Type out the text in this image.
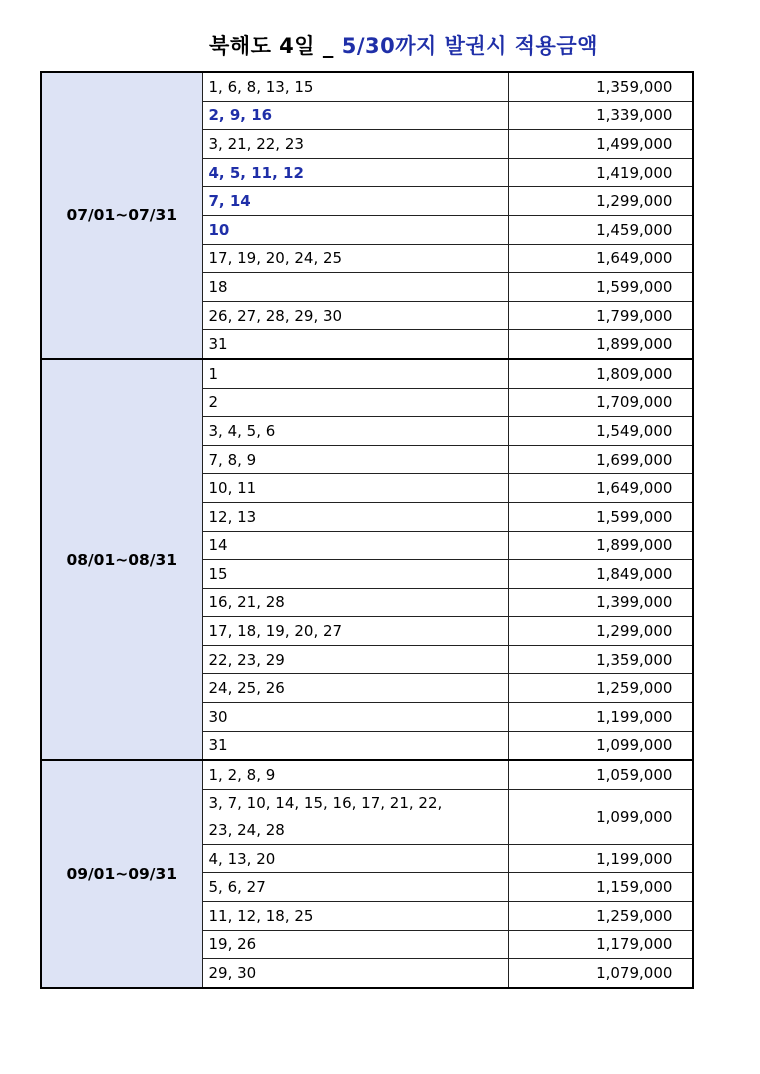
북해도 4일 _ 5/30까지 발권시 적용금액
07/01~07/31	1, 6, 8, 13, 15	1,359,000
	2, 9, 16	1,339,000
	3, 21, 22, 23	1,499,000
	4, 5, 11, 12	1,419,000
	7, 14	1,299,000
	10	1,459,000
	17, 19, 20, 24, 25	1,649,000
	18	1,599,000
	26, 27, 28, 29, 30	1,799,000
	31	1,899,000
08/01~08/31	1	1,809,000
	2	1,709,000
	3, 4, 5, 6	1,549,000
	7, 8, 9	1,699,000
	10, 11	1,649,000
	12, 13	1,599,000
	14	1,899,000
	15	1,849,000
	16, 21, 28	1,399,000
	17, 18, 19, 20, 27	1,299,000
	22, 23, 29	1,359,000
	24, 25, 26	1,259,000
	30	1,199,000
	31	1,099,000
09/01~09/31	1, 2, 8, 9	1,059,000
	3, 7, 10, 14, 15, 16, 17, 21, 22,
23, 24, 28	1,099,000
	4, 13, 20	1,199,000
	5, 6, 27	1,159,000
	11, 12, 18, 25	1,259,000
	19, 26	1,179,000
	29, 30	1,079,000
